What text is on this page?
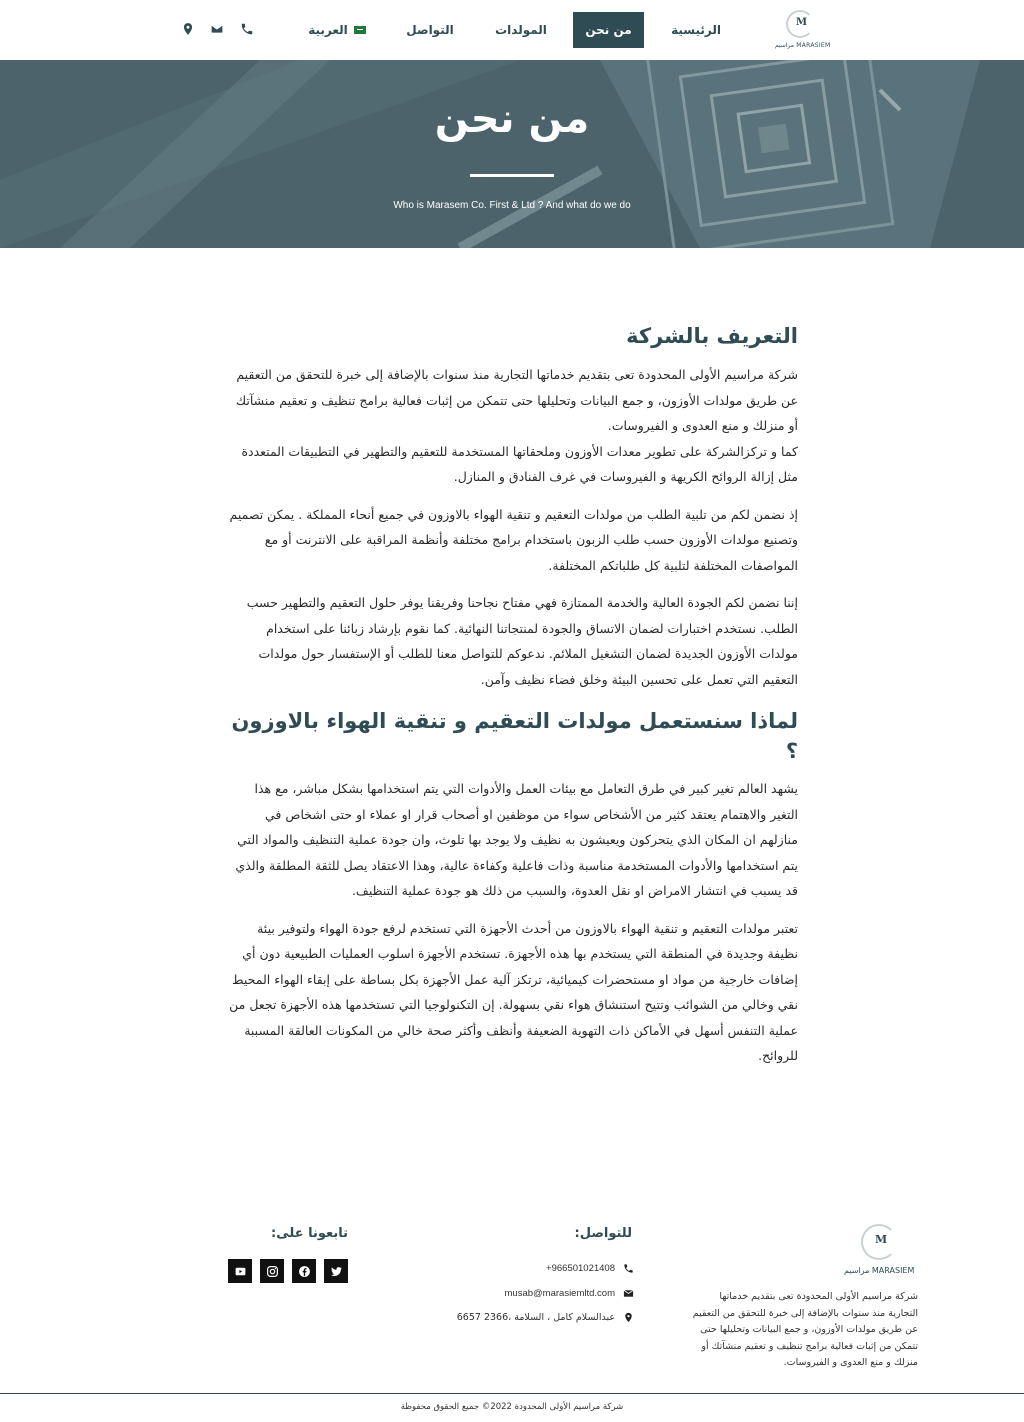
M
MARASIEM مراسيم
الرئيسية
من نحن
المولدات
التواصل
العربية
من نحن
Who is Marasem Co. First & Ltd ? And what do we do
التعريف بالشركة

شركة مراسيم الأولى المحدودة تعى بتقديم خدماتها التجارية منذ سنوات بالإضافة إلى خبرة للتحقق من التعقيم عن طريق مولدات الأوزون، و جمع البيانات وتحليلها حتى تتمكن من إثبات فعالية برامج تنظيف و تعقيم منشآتك أو منزلك و منع العدوى و الفيروسات.
كما و تركزالشركة على تطوير معدات الأوزون وملحقاتها المستخدمة للتعقيم والتطهير في التطبيقات المتعددة مثل إزالة الروائح الكريهة و الفيروسات في غرف الفنادق و المنازل.

إذ نضمن لكم من تلبية الطلب من مولدات التعقيم و تنقية الهواء بالاوزون في جميع أنحاء المملكة . يمكن تصميم وتصنيع مولدات الأوزون حسب طلب الزبون باستخدام برامج مختلفة وأنظمة المراقبة على الانترنت أو مع المواصفات المختلفة لتلبية كل طلباتكم المختلفة.

إننا نضمن لكم الجودة العالية والخدمة الممتازة فهي مفتاح نجاحنا وفريقنا يوفر حلول التعقيم والتطهير حسب الطلب. نستخدم اختبارات لضمان الاتساق والجودة لمنتجاتنا النهائية. كما نقوم بإرشاد زبائنا على استخدام مولدات الأوزون الجديدة لضمان التشغيل الملائم. ندعوكم للتواصل معنا للطلب أو الإستفسار حول مولدات التعقيم التي تعمل على تحسين البيئة وخلق فضاء نظيف وآمن.

لماذا سنستعمل مولدات التعقيم و تنقية الهواء بالاوزون ؟

يشهد العالم تغير كبير في طرق التعامل مع بيئات العمل والأدوات التي يتم استخدامها بشكل مباشر، مع هذا التغير والاهتمام يعتقد كثير من الأشخاص سواء من موظفين او أصحاب قرار او عملاء او حتى اشخاص في منازلهم ان المكان الذي يتحركون ويعيشون به نظيف ولا يوجد بها تلوث، وان جودة عملية التنظيف والمواد التي يتم استخدامها والأدوات المستخدمة مناسبة وذات فاعلية وكفاءة عالية، وهذا الاعتقاد يصل للثقة المطلقة والذي قد يسبب في انتشار الامراض او نقل العدوة، والسبب من ذلك هو جودة عملية التنظيف.

تعتبر مولدات التعقيم و تنقية الهواء بالاوزون من أحدث الأجهزة التي تستخدم لرفع جودة الهواء ولتوفير بيئة نظيفة وجديدة في المنطقة التي يستخدم بها هذه الأجهزة. تستخدم الأجهزة اسلوب العمليات الطبيعية دون أي إضافات خارجية من مواد او مستحضرات كيميائية، ترتكز آلية عمل الأجهزة بكل بساطة على إبقاء الهواء المحيط نقي وخالي من الشوائب وتتيح استنشاق هواء نقي بسهولة. إن التكنولوجيا التي تستخدمها هذه الأجهزة تجعل من عملية التنفس أسهل في الأماكن ذات التهوية الضعيفة وأنظف وأكثر صحة خالي من المكونات العالقة المسببة للروائح.

M
MARASIEM مراسيم

شركة مراسيم الأولى المحدودة تعى بتقديم خدماتها التجارية منذ سنوات بالإضافة إلى خبرة للتحقق من التعقيم عن طريق مولدات الأوزون، و جمع البيانات وتحليلها حتى تتمكن من إثبات فعالية برامج تنظيف و تعقيم منشآتك أو منزلك و منع العدوى و الفيروسات.

للتواصل:
+966501021408
musab@marasiemltd.com
عبدالسلام كامل ، السلامة ،2366 6657
تابعونا على:
شركة مراسيم الأولى المحدودة 2022© جميع الحقوق محفوظة
